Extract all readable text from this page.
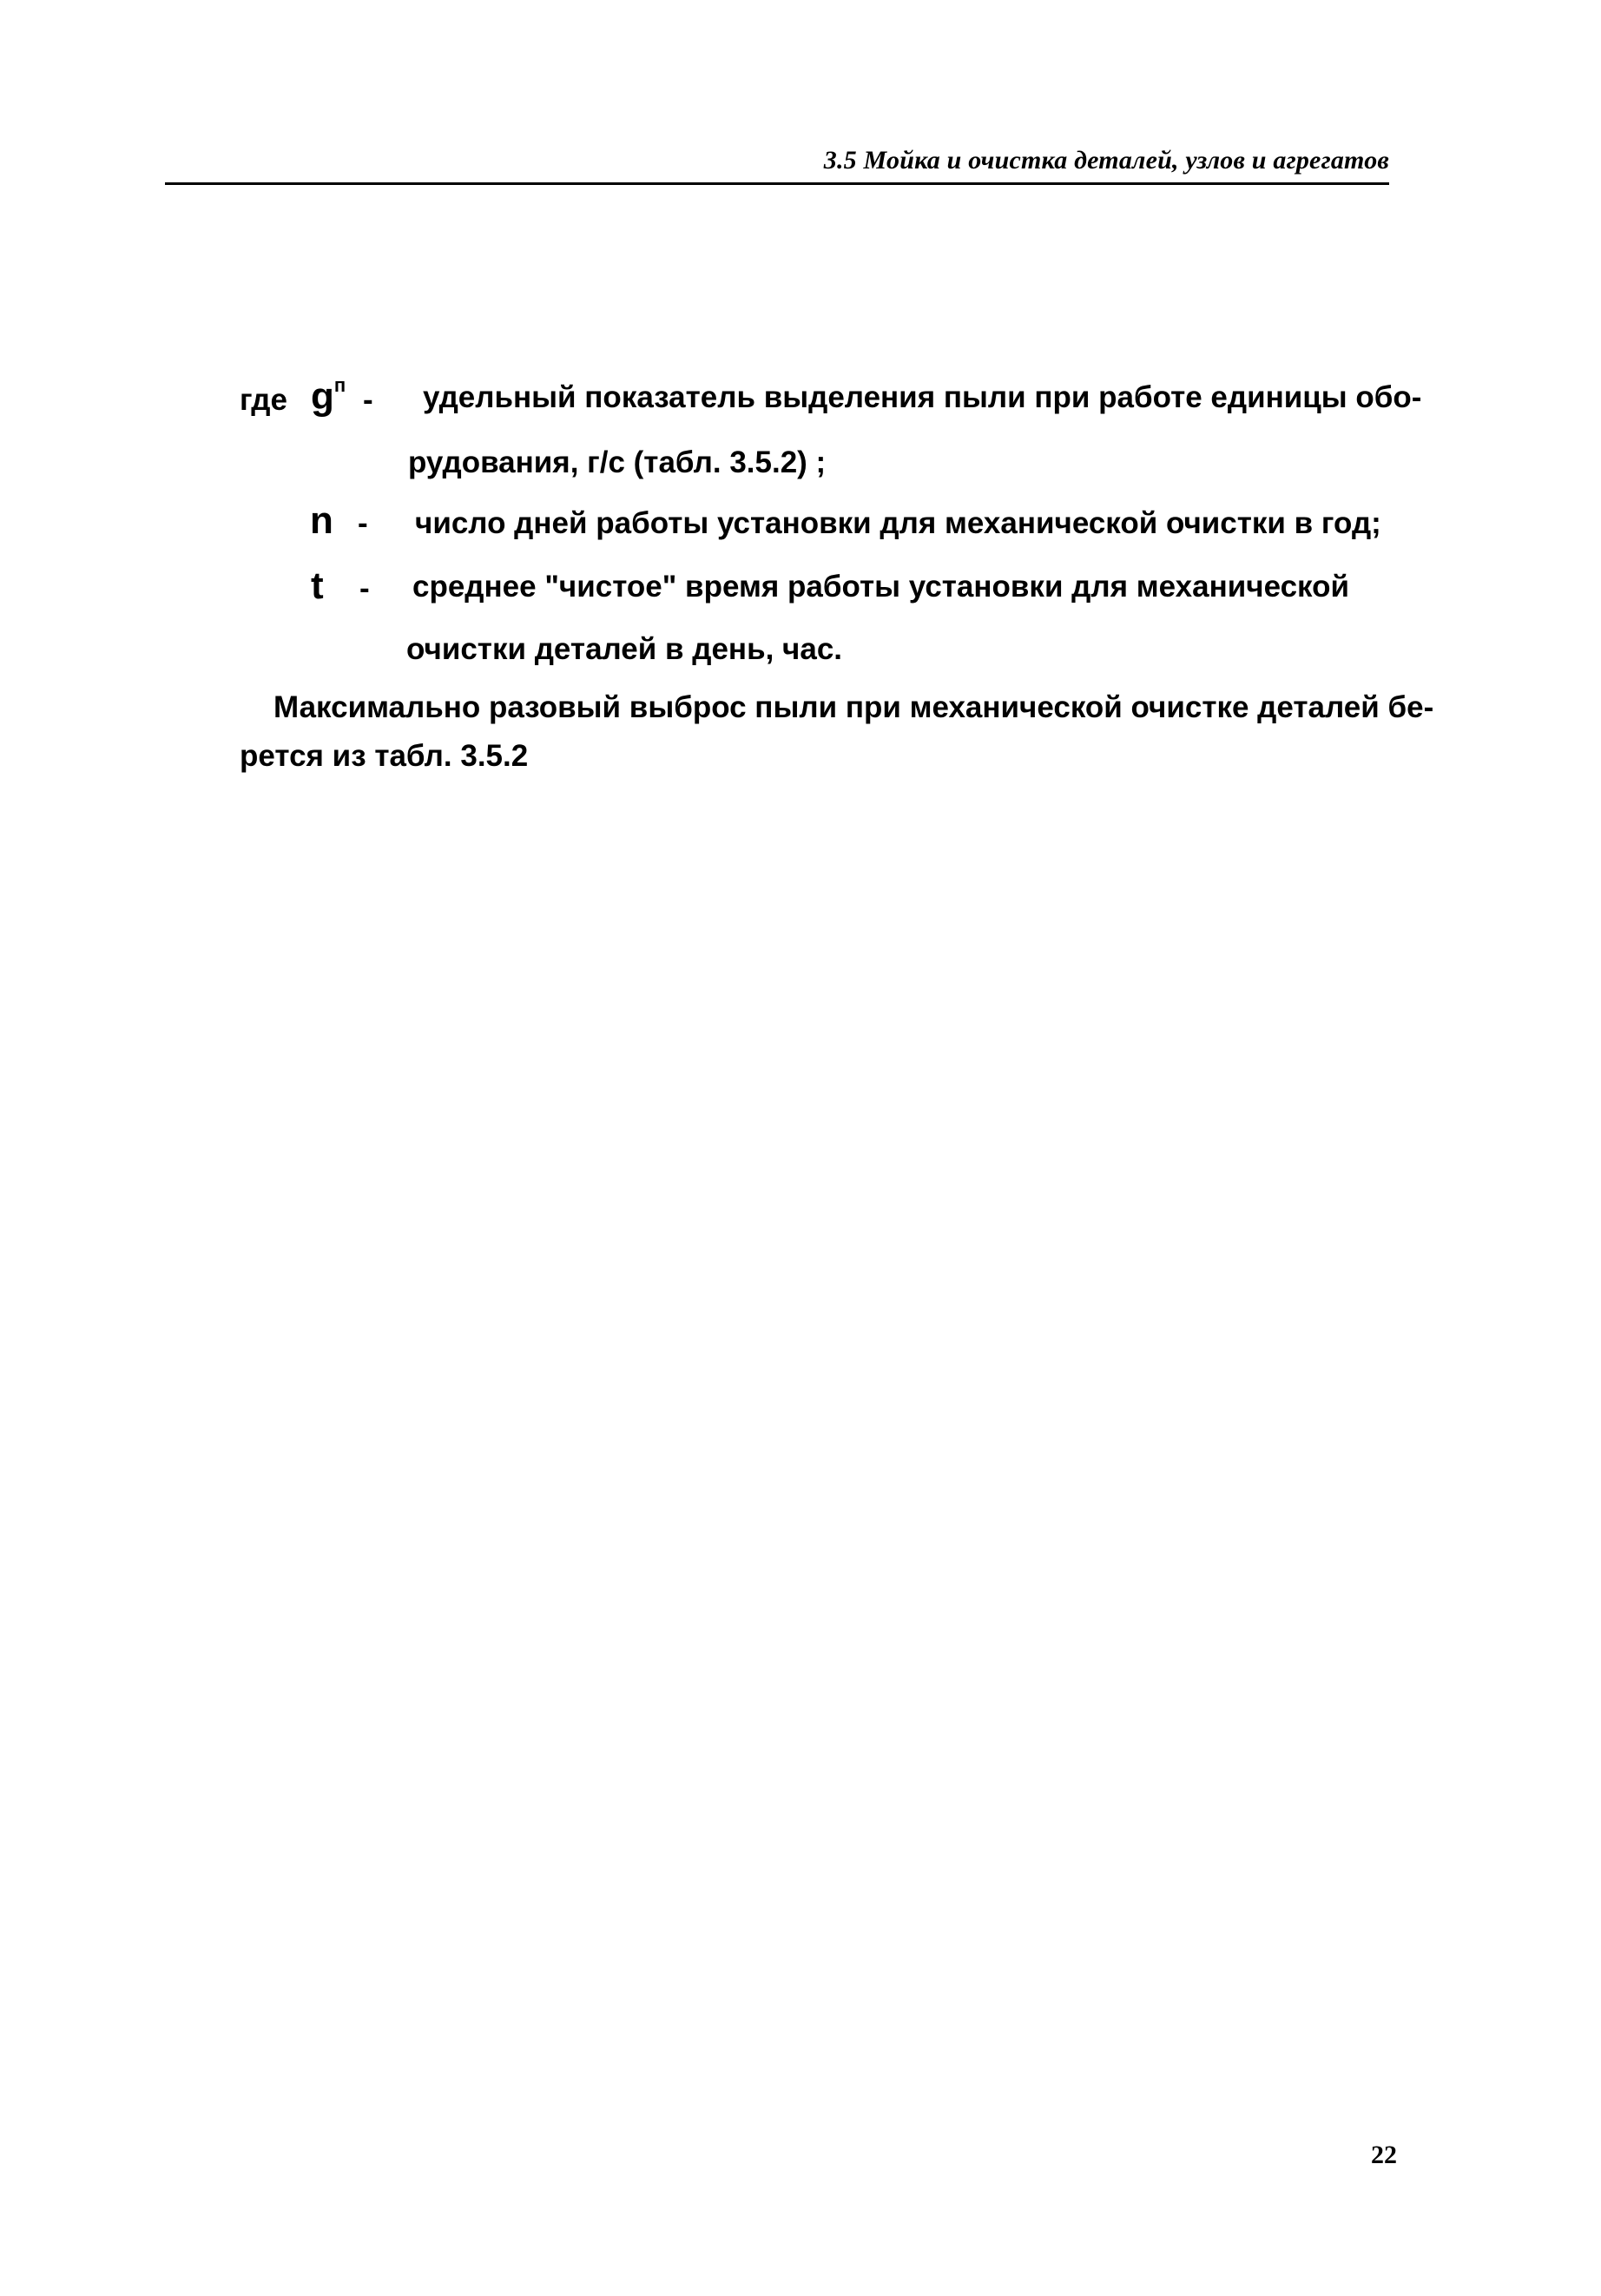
3.5 Мойка и очистка деталей, узлов и агрегатов
где $g^п$ - удельный показатель выделения пыли при работе единицы обо-
рудования, г/с (табл. 3.5.2) ;
n - число дней работы установки для механической очистки в год;
t - среднее "чистое" время работы установки для механической
очистки деталей в день, час.
Максимально разовый выброс пыли при механической очистке деталей бе-
рется из табл. 3.5.2
22
